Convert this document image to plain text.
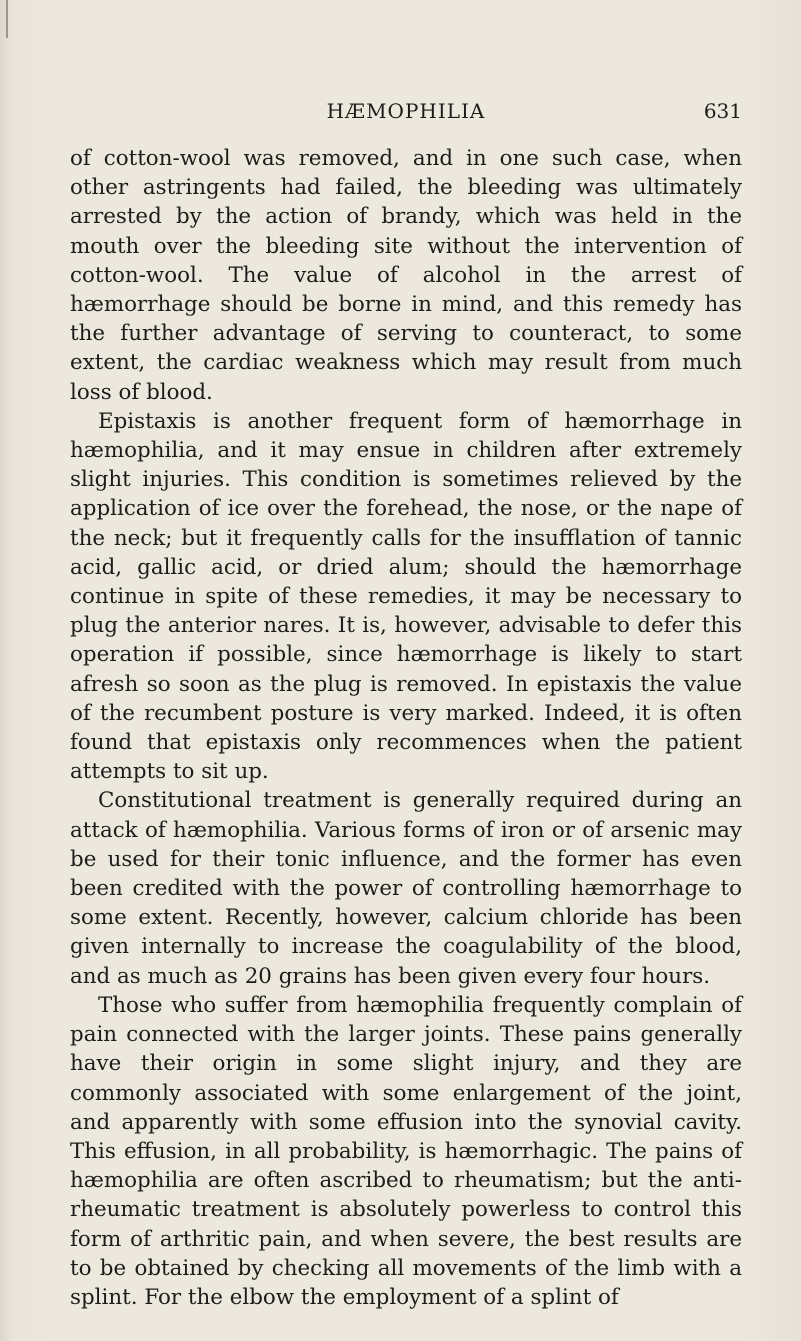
HÆMOPHILIA	631

of cotton-wool was removed, and in one such case, when other astringents had failed, the bleeding was ultimately arrested by the action of brandy, which was held in the mouth over the bleeding site without the intervention of cotton-wool. The value of alcohol in the arrest of hæmorrhage should be borne in mind, and this remedy has the further advantage of serving to counteract, to some extent, the cardiac weakness which may result from much loss of blood.

Epistaxis is another frequent form of hæmorrhage in hæmophilia, and it may ensue in children after extremely slight injuries. This condition is sometimes relieved by the application of ice over the forehead, the nose, or the nape of the neck; but it frequently calls for the insufflation of tannic acid, gallic acid, or dried alum; should the hæmorrhage continue in spite of these remedies, it may be necessary to plug the anterior nares. It is, however, advisable to defer this operation if possible, since hæmorrhage is likely to start afresh so soon as the plug is removed. In epistaxis the value of the recumbent posture is very marked. Indeed, it is often found that epistaxis only recommences when the patient attempts to sit up.

Constitutional treatment is generally required during an attack of hæmophilia. Various forms of iron or of arsenic may be used for their tonic influence, and the former has even been credited with the power of controlling hæmorrhage to some extent. Recently, however, calcium chloride has been given internally to increase the coagulability of the blood, and as much as 20 grains has been given every four hours.

Those who suffer from hæmophilia frequently complain of pain connected with the larger joints. These pains generally have their origin in some slight injury, and they are commonly associated with some enlargement of the joint, and apparently with some effusion into the synovial cavity. This effusion, in all probability, is hæmorrhagic. The pains of hæmophilia are often ascribed to rheumatism; but the anti-rheumatic treatment is absolutely powerless to control this form of arthritic pain, and when severe, the best results are to be obtained by checking all movements of the limb with a splint. For the elbow the employment of a splint of
